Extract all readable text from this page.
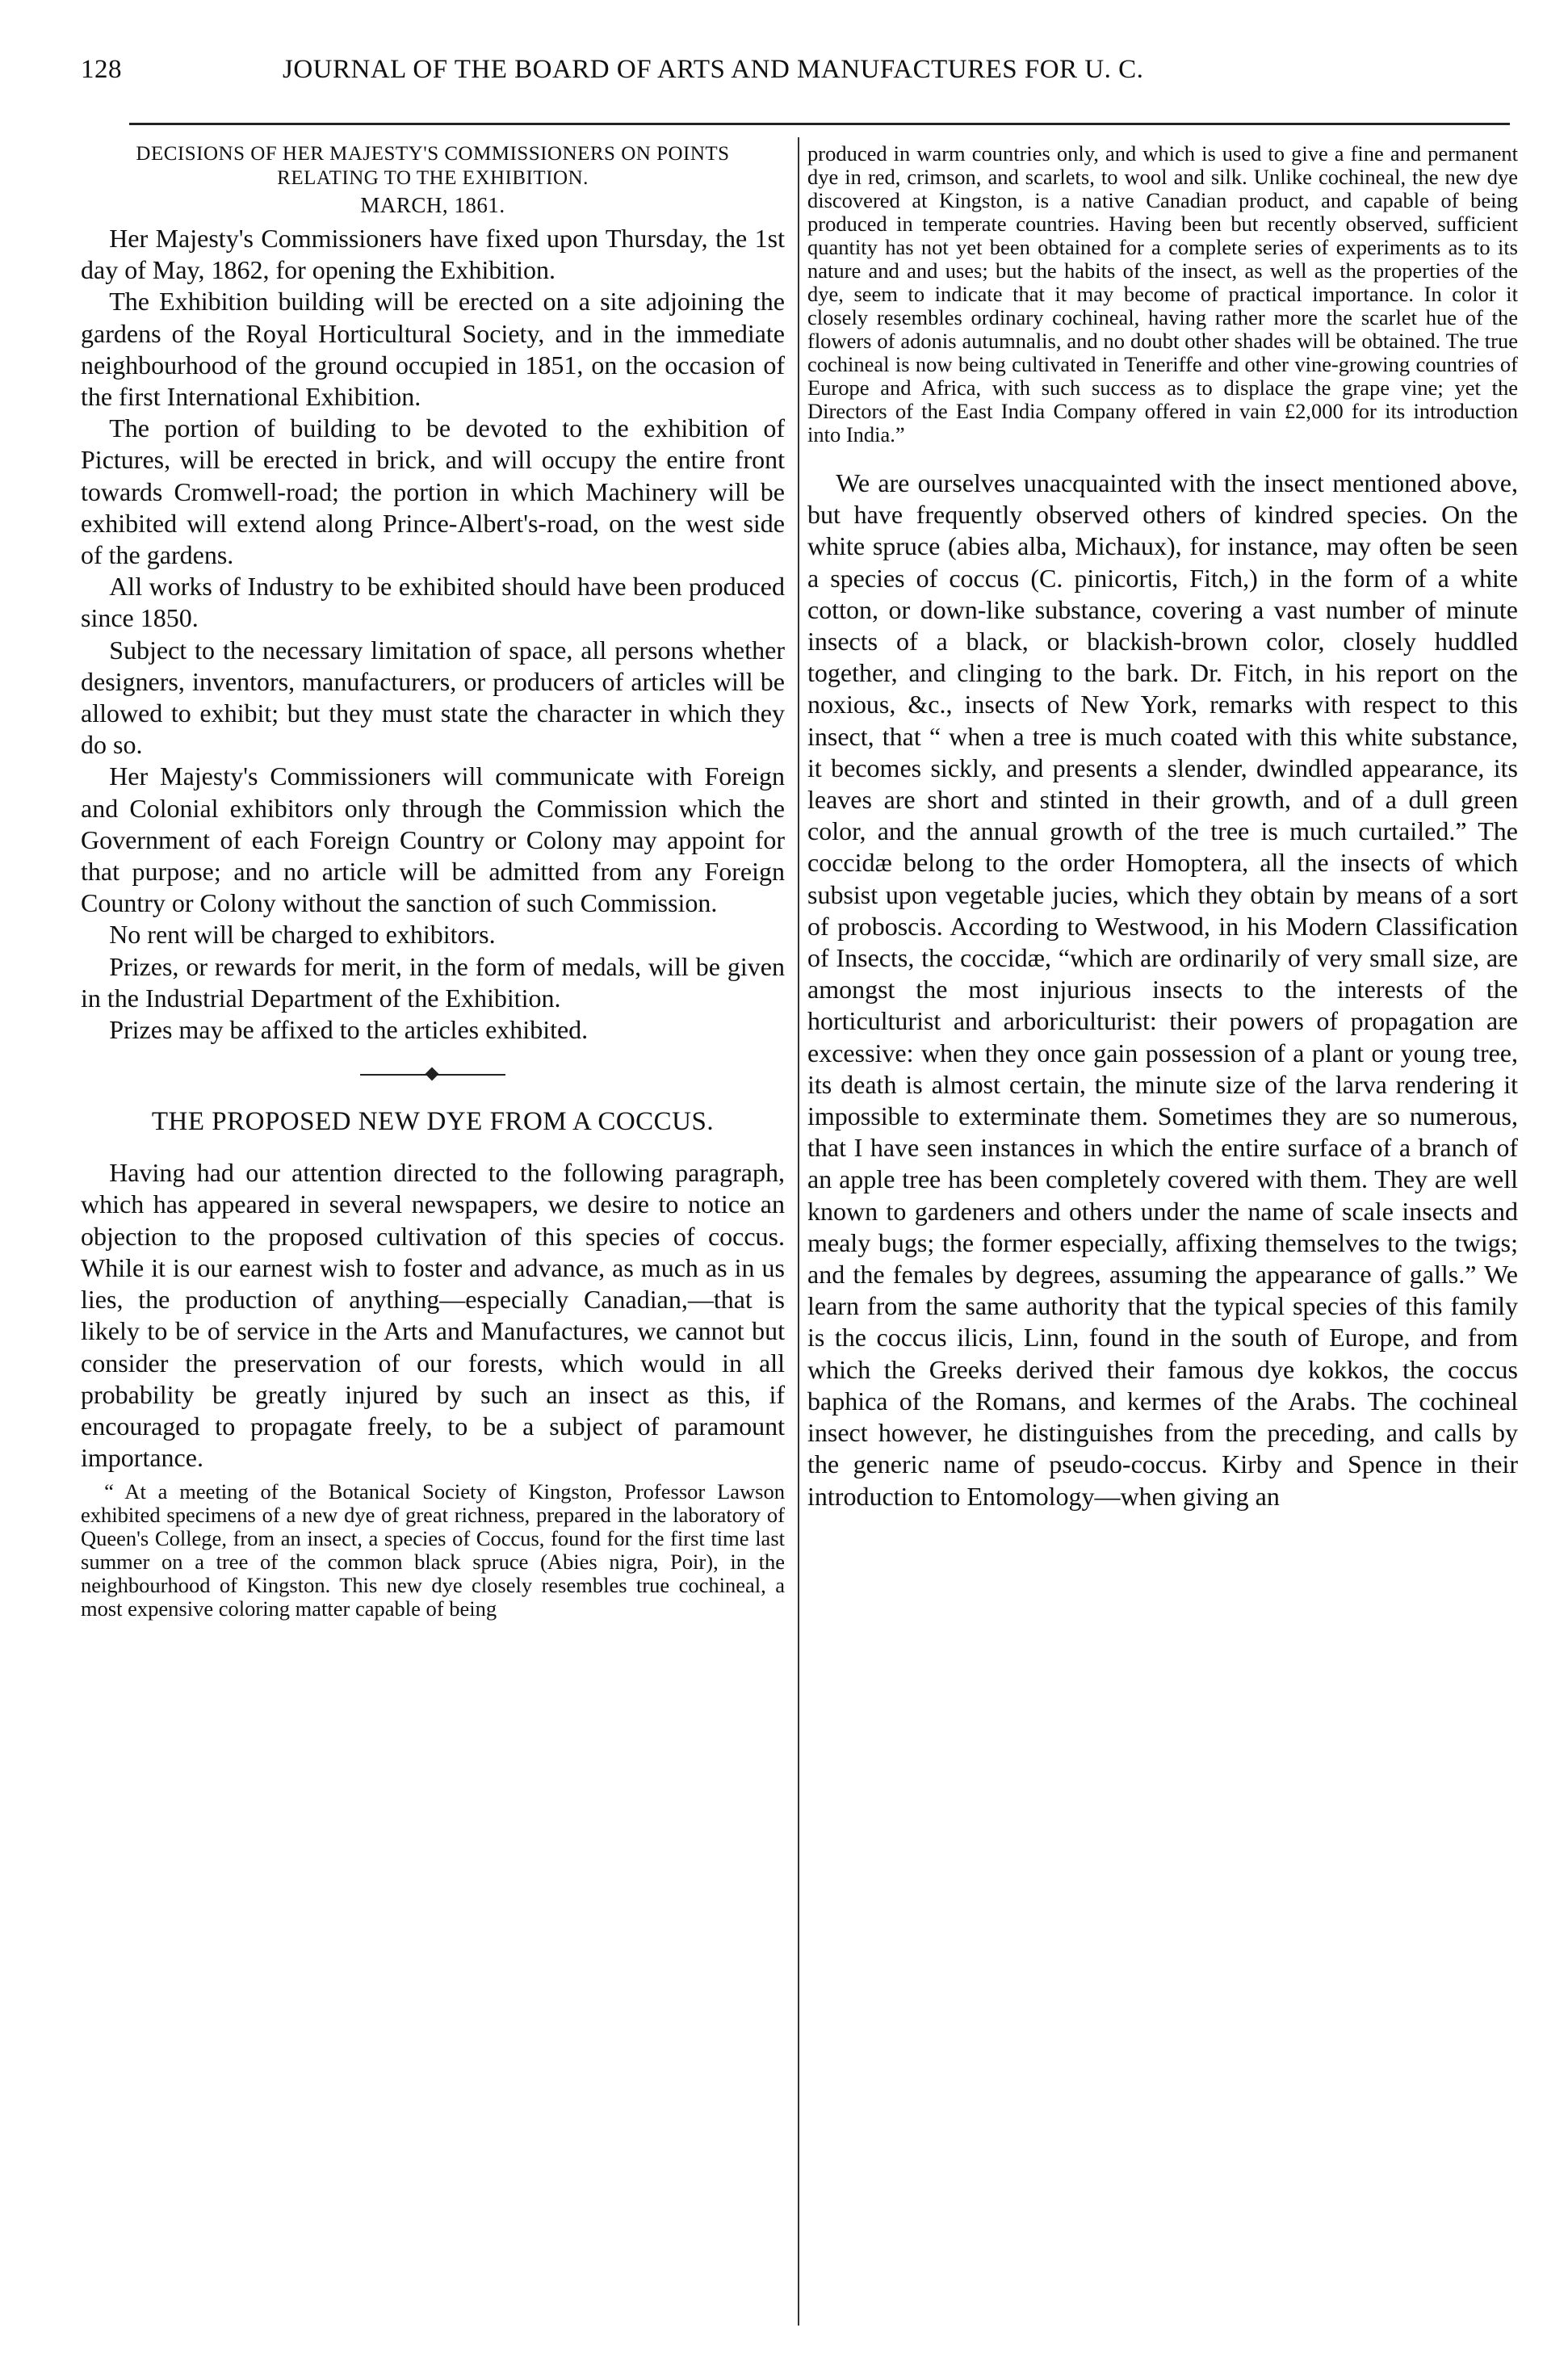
128	JOURNAL OF THE BOARD OF ARTS AND MANUFACTURES FOR U. C.
DECISIONS OF HER MAJESTY'S COMMISSIONERS ON POINTS
RELATING TO THE EXHIBITION.
MARCH, 1861.

Her Majesty's Commissioners have fixed upon Thursday, the 1st day of May, 1862, for opening the Exhibition.

The Exhibition building will be erected on a site adjoining the gardens of the Royal Horticultural Society, and in the immediate neighbourhood of the ground occupied in 1851, on the occasion of the first International Exhibition.

The portion of building to be devoted to the exhibition of Pictures, will be erected in brick, and will occupy the entire front towards Cromwell-road; the portion in which Machinery will be exhibited will extend along Prince-Albert's-road, on the west side of the gardens.

All works of Industry to be exhibited should have been produced since 1850.

Subject to the necessary limitation of space, all persons whether designers, inventors, manufacturers, or producers of articles will be allowed to exhibit; but they must state the character in which they do so.

Her Majesty's Commissioners will communicate with Foreign and Colonial exhibitors only through the Commission which the Government of each Foreign Country or Colony may appoint for that purpose; and no article will be admitted from any Foreign Country or Colony without the sanction of such Commission.

No rent will be charged to exhibitors.

Prizes, or rewards for merit, in the form of medals, will be given in the Industrial Department of the Exhibition.

Prizes may be affixed to the articles exhibited.

THE PROPOSED NEW DYE FROM A COCCUS.

Having had our attention directed to the following paragraph, which has appeared in several newspapers, we desire to notice an objection to the proposed cultivation of this species of coccus. While it is our earnest wish to foster and advance, as much as in us lies, the production of anything—especially Canadian,—that is likely to be of service in the Arts and Manufactures, we cannot but consider the preservation of our forests, which would in all probability be greatly injured by such an insect as this, if encouraged to propagate freely, to be a subject of paramount importance.

“ At a meeting of the Botanical Society of Kingston, Professor Lawson exhibited specimens of a new dye of great richness, prepared in the laboratory of Queen's College, from an insect, a species of Coccus, found for the first time last summer on a tree of the common black spruce (Abies nigra, Poir), in the neighbourhood of Kingston. This new dye closely resembles true cochineal, a most expensive coloring matter capable of being

produced in warm countries only, and which is used to give a fine and permanent dye in red, crimson, and scarlets, to wool and silk. Unlike cochineal, the new dye discovered at Kingston, is a native Canadian product, and capable of being produced in temperate countries. Having been but recently observed, sufficient quantity has not yet been obtained for a complete series of experiments as to its nature and and uses; but the habits of the insect, as well as the properties of the dye, seem to indicate that it may become of practical importance. In color it closely resembles ordinary cochineal, having rather more the scarlet hue of the flowers of adonis autumnalis, and no doubt other shades will be obtained. The true cochineal is now being cultivated in Teneriffe and other vine-growing countries of Europe and Africa, with such success as to displace the grape vine; yet the Directors of the East India Company offered in vain £2,000 for its introduction into India.”

We are ourselves unacquainted with the insect mentioned above, but have frequently observed others of kindred species. On the white spruce (abies alba, Michaux), for instance, may often be seen a species of coccus (C. pinicortis, Fitch,) in the form of a white cotton, or down-like substance, covering a vast number of minute insects of a black, or blackish-brown color, closely huddled together, and clinging to the bark. Dr. Fitch, in his report on the noxious, &c., insects of New York, remarks with respect to this insect, that “ when a tree is much coated with this white substance, it becomes sickly, and presents a slender, dwindled appearance, its leaves are short and stinted in their growth, and of a dull green color, and the annual growth of the tree is much curtailed.” The coccidæ belong to the order Homoptera, all the insects of which subsist upon vegetable jucies, which they obtain by means of a sort of proboscis. According to Westwood, in his Modern Classification of Insects, the coccidæ, “which are ordinarily of very small size, are amongst the most injurious insects to the interests of the horticulturist and arboriculturist: their powers of propagation are excessive: when they once gain possession of a plant or young tree, its death is almost certain, the minute size of the larva rendering it impossible to exterminate them. Sometimes they are so numerous, that I have seen instances in which the entire surface of a branch of an apple tree has been completely covered with them. They are well known to gardeners and others under the name of scale insects and mealy bugs; the former especially, affixing themselves to the twigs; and the females by degrees, assuming the appearance of galls.” We learn from the same authority that the typical species of this family is the coccus ilicis, Linn, found in the south of Europe, and from which the Greeks derived their famous dye kokkos, the coccus baphica of the Romans, and kermes of the Arabs. The cochineal insect however, he distinguishes from the preceding, and calls by the generic name of pseudo-coccus. Kirby and Spence in their introduction to Entomology—when giving an
